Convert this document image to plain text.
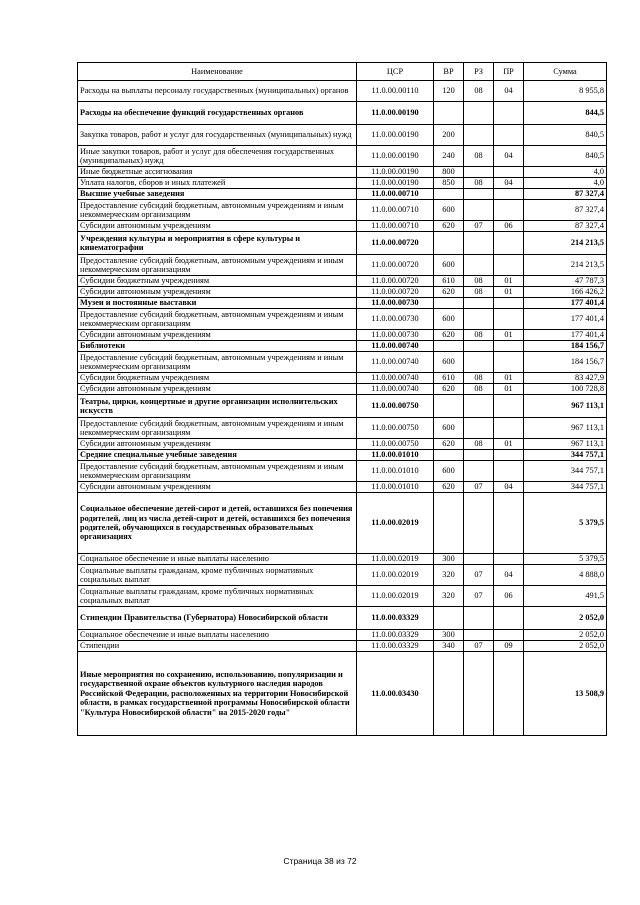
Наименование	ЦСР	ВР	РЗ	ПР	Сумма
Расходы на выплаты персоналу государственных (муниципальных) органов	11.0.00.00110	120	08	04	8 955,8
Расходы на обеспечение функций государственных органов	11.0.00.00190				844,5
Закупка товаров, работ и услуг для государственных (муниципальных) нужд	11.0.00.00190	200			840,5
Иные закупки товаров, работ и услуг для обеспечения государственных (муниципальных) нужд	11.0.00.00190	240	08	04	840,5
Иные бюджетные ассигнования	11.0.00.00190	800			4,0
Уплата налогов, сборов и иных платежей	11.0.00.00190	850	08	04	4,0
Высшие учебные заведения	11.0.00.00710				87 327,4
Предоставление субсидий бюджетным, автономным учреждениям и иным некоммерческим организациям	11.0.00.00710	600			87 327,4
Субсидии автономным учреждениям	11.0.00.00710	620	07	06	87 327,4
Учреждения культуры и мероприятия в сфере культуры и кинематографии	11.0.00.00720				214 213,5
Предоставление субсидий бюджетным, автономным учреждениям и иным некоммерческим организациям	11.0.00.00720	600			214 213,5
Субсидии бюджетным учреждениям	11.0.00.00720	610	08	01	47 787,3
Субсидии автономным учреждениям	11.0.00.00720	620	08	01	166 426,2
Музеи и постоянные выставки	11.0.00.00730				177 401,4
Предоставление субсидий бюджетным, автономным учреждениям и иным некоммерческим организациям	11.0.00.00730	600			177 401,4
Субсидии автономным учреждениям	11.0.00.00730	620	08	01	177 401,4
Библиотеки	11.0.00.00740				184 156,7
Предоставление субсидий бюджетным, автономным учреждениям и иным некоммерческим организациям	11.0.00.00740	600			184 156,7
Субсидии бюджетным учреждениям	11.0.00.00740	610	08	01	83 427,9
Субсидии автономным учреждениям	11.0.00.00740	620	08	01	100 728,8
Театры, цирки, концертные и другие организации исполнительских искусств	11.0.00.00750				967 113,1
Предоставление субсидий бюджетным, автономным учреждениям и иным некоммерческим организациям	11.0.00.00750	600			967 113,1
Субсидии автономным учреждениям	11.0.00.00750	620	08	01	967 113,1
Средние специальные учебные заведения	11.0.00.01010				344 757,1
Предоставление субсидий бюджетным, автономным учреждениям и иным некоммерческим организациям	11.0.00.01010	600			344 757,1
Субсидии автономным учреждениям	11.0.00.01010	620	07	04	344 757,1
Социальное обеспечение детей-сирот и детей, оставшихся без попечения родителей, лиц из числа детей-сирот и детей, оставшихся без попечения родителей, обучающихся в государственных образовательных организациях	11.0.00.02019				5 379,5
Социальное обеспечение и иные выплаты населению	11.0.00.02019	300			5 379,5
Социальные выплаты гражданам, кроме публичных нормативных социальных выплат	11.0.00.02019	320	07	04	4 888,0
Социальные выплаты гражданам, кроме публичных нормативных социальных выплат	11.0.00.02019	320	07	06	491,5
Стипендии Правительства (Губернатора) Новосибирской области	11.0.00.03329				2 052,0
Социальное обеспечение и иные выплаты населению	11.0.00.03329	300			2 052,0
Стипендии	11.0.00.03329	340	07	09	2 052,0
Иные мероприятия по сохранению, использованию, популяризации и государственной охране объектов культурного наследия народов Российской Федерации, расположенных на территории Новосибирской области, в рамках государственной программы Новосибирской области "Культура Новосибирской области" на 2015-2020 годы"	11.0.00.03430				13 508,9
Страница 38 из 72
